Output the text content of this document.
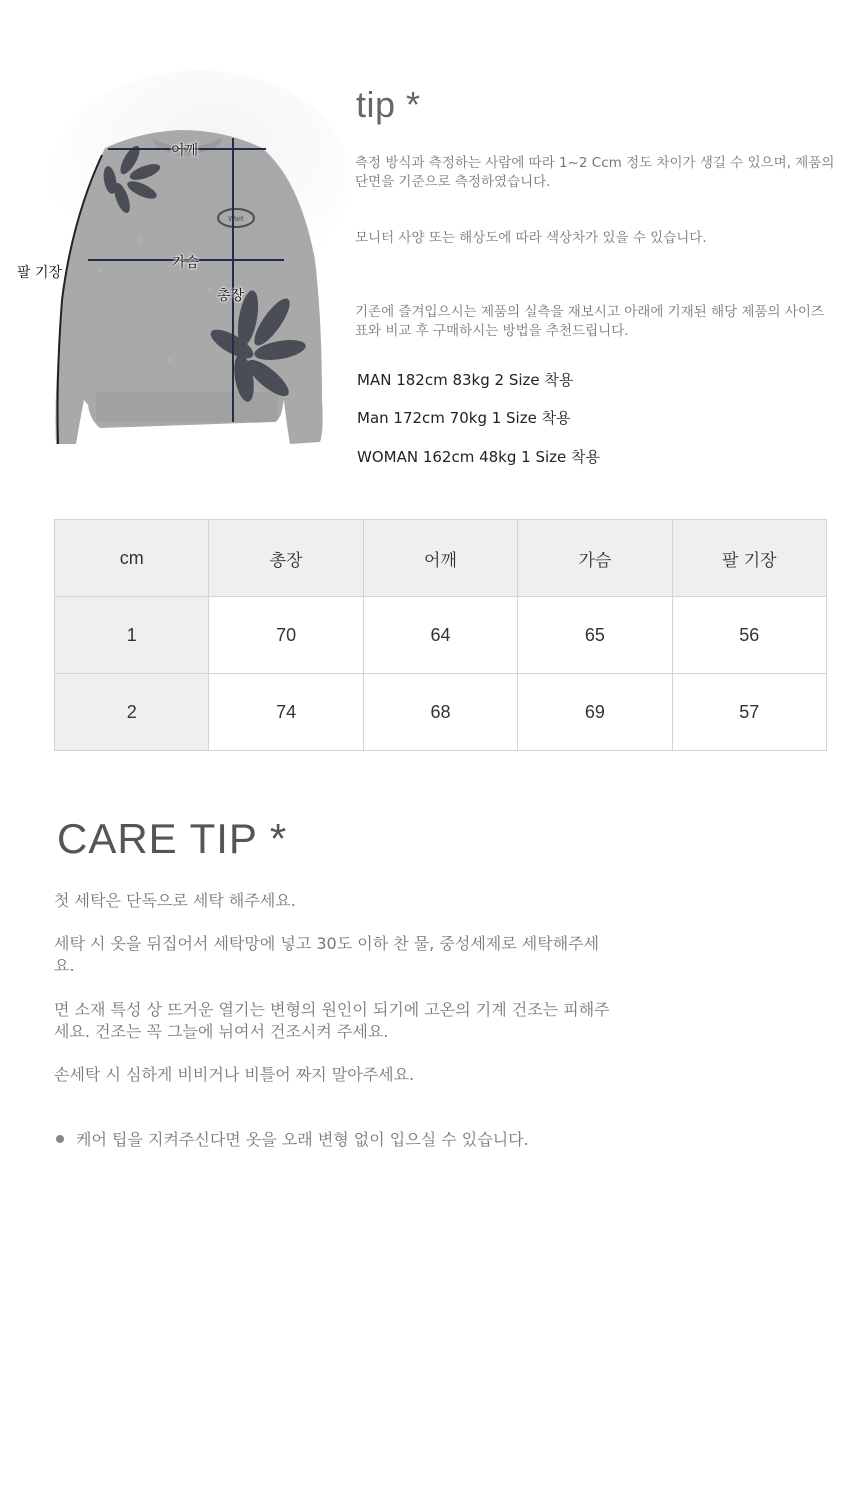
Wait
어깨
가슴
총장
팔 기장
tip *

측정 방식과 측정하는 사람에 따라 1~2 Ccm 정도 차이가 생길 수 있으며, 제품의 단면을 기준으로 측정하였습니다.

모니터 사양 또는 해상도에 따라 색상차가 있을 수 있습니다.

기존에 즐겨입으시는 제품의 실측을 재보시고 아래에 기재된 해당 제품의 사이즈표와 비교 후 구매하시는 방법을 추천드립니다.

MAN 182cm 83kg 2 Size 착용
Man 172cm 70kg 1 Size 착용
WOMAN 162cm 48kg 1 Size 착용
cm	총장	어깨	가슴	팔 기장
1	70	64	65	56
2	74	68	69	57
CARE TIP *

첫 세탁은 단독으로 세탁 해주세요.

세탁 시 옷을 뒤집어서 세탁망에 넣고 30도 이하 찬 물, 중성세제로 세탁해주세요.

면 소재 특성 상 뜨거운 열기는 변형의 원인이 되기에 고온의 기계 건조는 피해주세요. 건조는 꼭 그늘에 뉘여서 건조시켜 주세요.

손세탁 시 심하게 비비거나 비틀어 짜지 말아주세요.

케어 팁을 지켜주신다면 옷을 오래 변형 없이 입으실 수 있습니다.
